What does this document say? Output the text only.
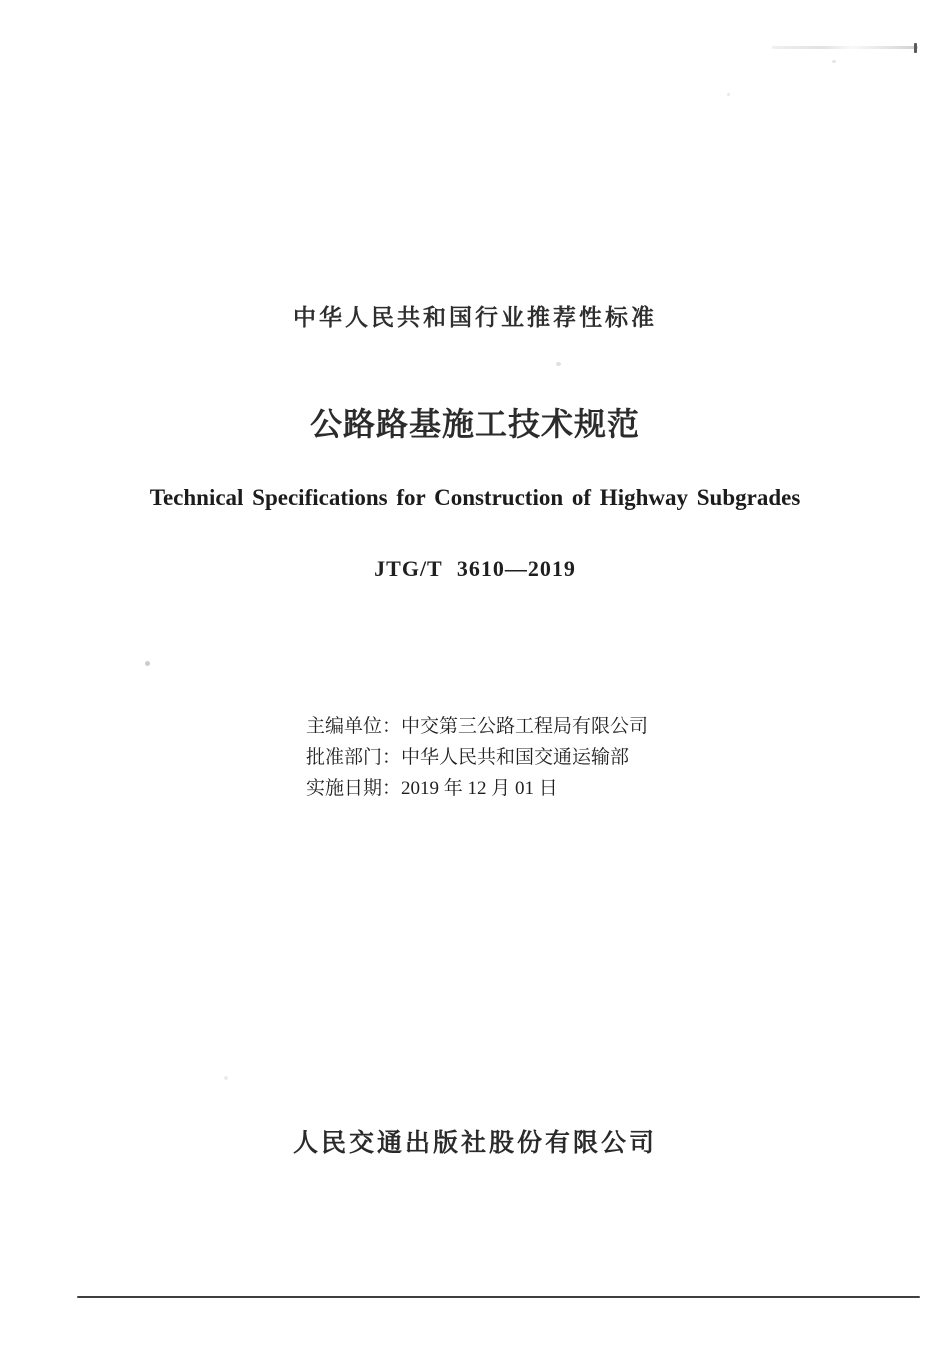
中华人民共和国行业推荐性标准
公路路基施工技术规范
Technical Specifications for Construction of Highway Subgrades
JTG/T 3610—2019
主编单位：中交第三公路工程局有限公司
批准部门：中华人民共和国交通运输部
实施日期：2019 年 12 月 01 日
人民交通出版社股份有限公司
